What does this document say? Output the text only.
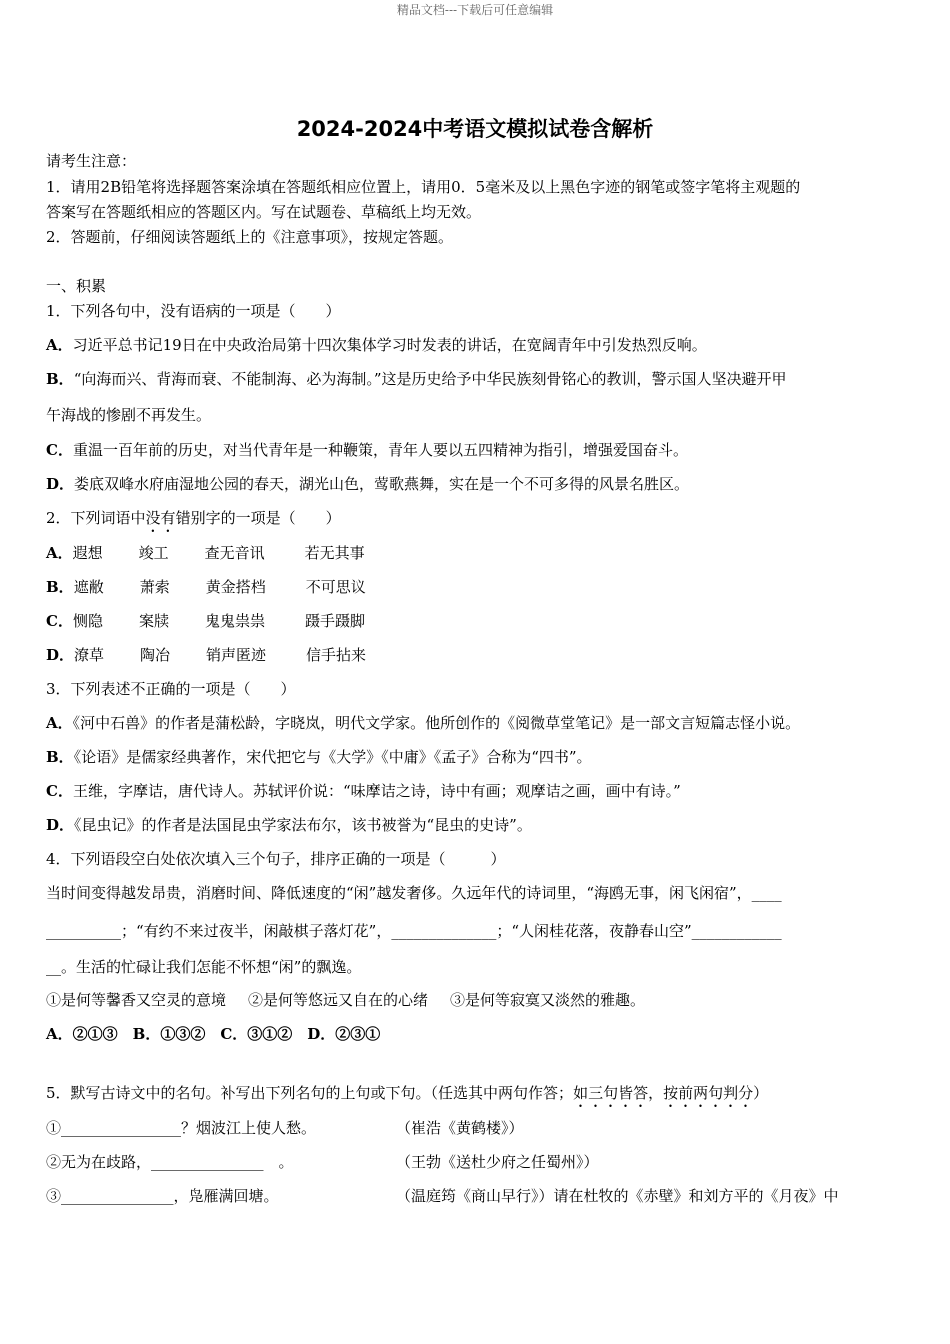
精品文档---下载后可任意编辑
2024-2024中考语文模拟试卷含解析
请考生注意：
1．请用2B铅笔将选择题答案涂填在答题纸相应位置上，请用0．5毫米及以上黑色字迹的钢笔或签字笔将主观题的
答案写在答题纸相应的答题区内。写在试题卷、草稿纸上均无效。
2．答题前，仔细阅读答题纸上的《注意事项》，按规定答题。
一、积累
1．下列各句中，没有语病的一项是（　　）
A．习近平总书记19日在中央政治局第十四次集体学习时发表的讲话，在宽阔青年中引发热烈反响。
B．“向海而兴、背海而衰、不能制海、必为海制。”这是历史给予中华民族刻骨铭心的教训，警示国人坚决避开甲
午海战的惨剧不再发生。
C．重温一百年前的历史，对当代青年是一种鞭策，青年人要以五四精神为指引，增强爱国奋斗。
D．娄底双峰水府庙湿地公园的春天，湖光山色，莺歌燕舞，实在是一个不可多得的风景名胜区。
2．下列词语中没有错别字的一项是（　　）
A．遐想 竣工 查无音讯	若无其事
B．遮敝 萧索 黄金搭档	不可思议
C．恻隐 案牍 鬼鬼祟祟	蹑手蹑脚
D．潦草 陶冶 销声匿迹	信手拈来
3．下列表述不正确的一项是（　　）
A．《河中石兽》的作者是蒲松龄，字晓岚，明代文学家。他所创作的《阅微草堂笔记》是一部文言短篇志怪小说。
B．《论语》是儒家经典著作，宋代把它与《大学》《中庸》《孟子》合称为“四书”。
C．王维，字摩诘，唐代诗人。苏轼评价说：“味摩诘之诗，诗中有画；观摩诘之画，画中有诗。”
D．《昆虫记》的作者是法国昆虫学家法布尔，该书被誉为“昆虫的史诗”。
4．下列语段空白处依次填入三个句子，排序正确的一项是（　　　）
当时间变得越发昂贵，消磨时间、降低速度的“闲”越发奢侈。久远年代的诗词里，“海鸥无事，闲飞闲宿”，____
__________；“有约不来过夜半，闲敲棋子落灯花”，______________；“人闲桂花落，夜静春山空”____________
__。生活的忙碌让我们怎能不怀想“闲”的飘逸。
①是何等馨香又空灵的意境 ②是何等悠远又自在的心绪 ③是何等寂寞又淡然的雅趣。
A．②①③　B．①③②　C．③①②　D．②③①
5．默写古诗文中的名句。补写出下列名句的上句或下句。（任选其中两句作答；如三句皆答，按前两句判分）
①________________？烟波江上使人愁。	（崔浩《黄鹤楼》）
②无为在歧路，_______________　。	（王勃《送杜少府之任蜀州》）
③_______________，凫雁满回塘。	（温庭筠《商山早行》）请在杜牧的《赤壁》和刘方平的《月夜》中
